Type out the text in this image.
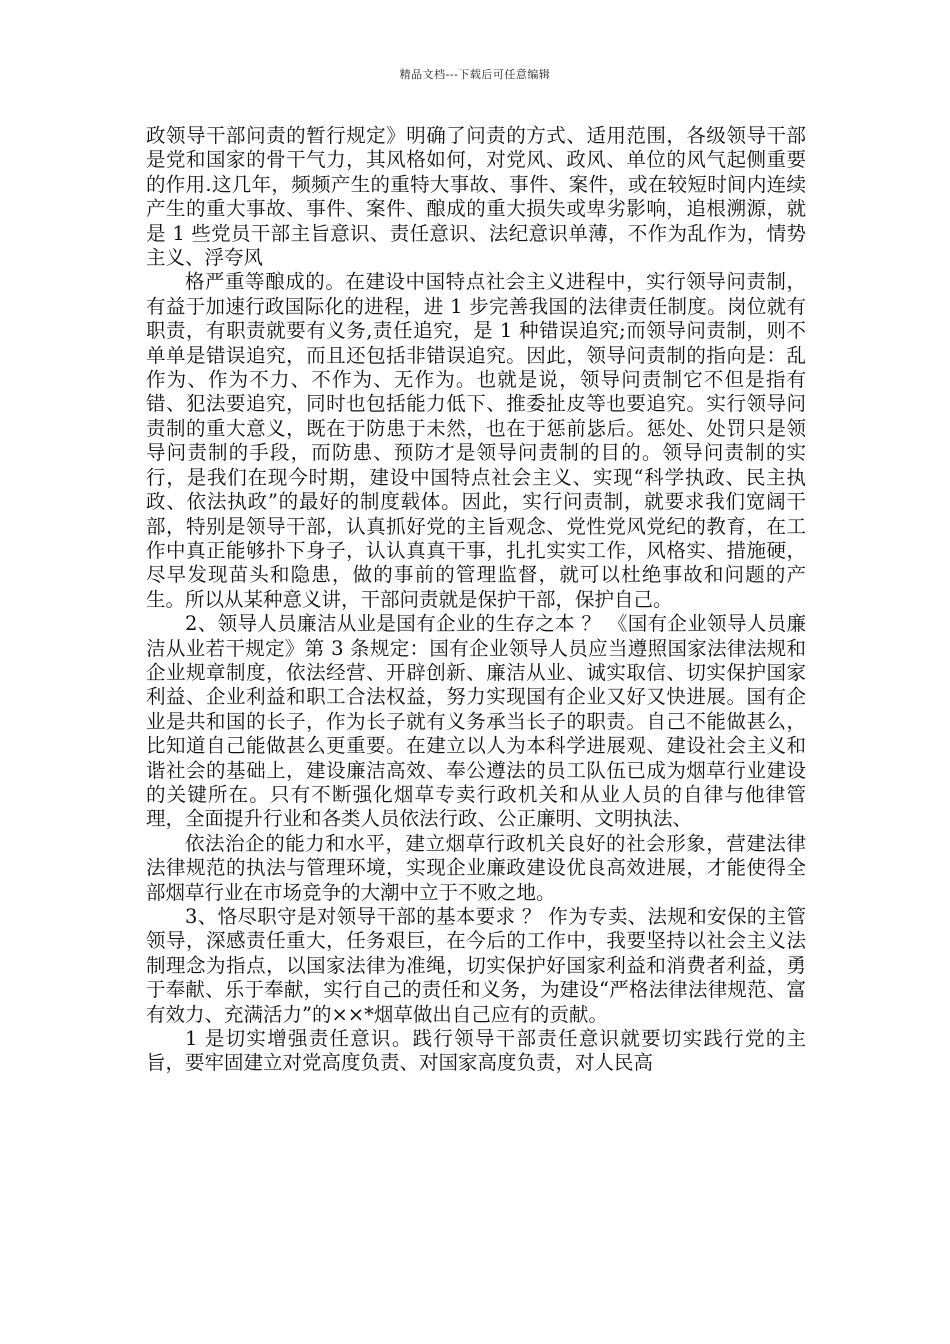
精品文档---下载后可任意编辑

政领导干部问责的暂行规定》明确了问责的方式、适用范围，各级领导干部是党和国家的骨干气力，其风格如何，对党风、政风、单位的风气起侧重要的作用.这几年，频频产生的重特大事故、事件、案件，或在较短时间内连续产生的重大事故、事件、案件、酿成的重大损失或卑劣影响，追根溯源，就是 1 些党员干部主旨意识、责任意识、法纪意识单薄，不作为乱作为，情势主义、浮夸风

格严重等酿成的。在建设中国特点社会主义进程中，实行领导问责制，有益于加速行政国际化的进程，进 1 步完善我国的法律责任制度。岗位就有职责，有职责就要有义务,责任追究，是 1 种错误追究;而领导问责制，则不单单是错误追究，而且还包括非错误追究。因此，领导问责制的指向是：乱作为、作为不力、不作为、无作为。也就是说，领导问责制它不但是指有错、犯法要追究，同时也包括能力低下、推委扯皮等也要追究。实行领导问责制的重大意义，既在于防患于未然，也在于惩前毖后。惩处、处罚只是领导问责制的手段，而防患、预防才是领导问责制的目的。领导问责制的实行，是我们在现今时期，建设中国特点社会主义、实现“科学执政、民主执政、依法执政”的最好的制度载体。因此，实行问责制，就要求我们宽阔干部，特别是领导干部，认真抓好党的主旨观念、党性党风党纪的教育，在工作中真正能够扑下身子，认认真真干事，扎扎实实工作，风格实、措施硬，尽早发现苗头和隐患，做的事前的管理监督，就可以杜绝事故和问题的产生。所以从某种意义讲，干部问责就是保护干部，保护自己。

2、领导人员廉洁从业是国有企业的生存之本 ？ 《国有企业领导人员廉洁从业若干规定》第 3 条规定：国有企业领导人员应当遵照国家法律法规和企业规章制度，依法经营、开辟创新、廉洁从业、诚实取信、切实保护国家利益、企业利益和职工合法权益，努力实现国有企业又好又快进展。国有企业是共和国的长子，作为长子就有义务承当长子的职责。自己不能做甚么，比知道自己能做甚么更重要。在建立以人为本科学进展观、建设社会主义和谐社会的基础上，建设廉洁高效、奉公遵法的员工队伍已成为烟草行业建设的关键所在。只有不断强化烟草专卖行政机关和从业人员的自律与他律管理，全面提升行业和各类人员依法行政、公正廉明、文明执法、

依法治企的能力和水平，建立烟草行政机关良好的社会形象，营建法律法律规范的执法与管理环境，实现企业廉政建设优良高效进展，才能使得全部烟草行业在市场竞争的大潮中立于不败之地。

3、恪尽职守是对领导干部的基本要求 ？ 作为专卖、法规和安保的主管领导，深感责任重大，任务艰巨，在今后的工作中，我要坚持以社会主义法制理念为指点，以国家法律为准绳，切实保护好国家利益和消费者利益，勇于奉献、乐于奉献，实行自己的责任和义务，为建设“严格法律法律规范、富有效力、充满活力”的××*烟草做出自己应有的贡献。

1 是切实增强责任意识。践行领导干部责任意识就要切实践行党的主旨，要牢固建立对党高度负责、对国家高度负责，对人民高
